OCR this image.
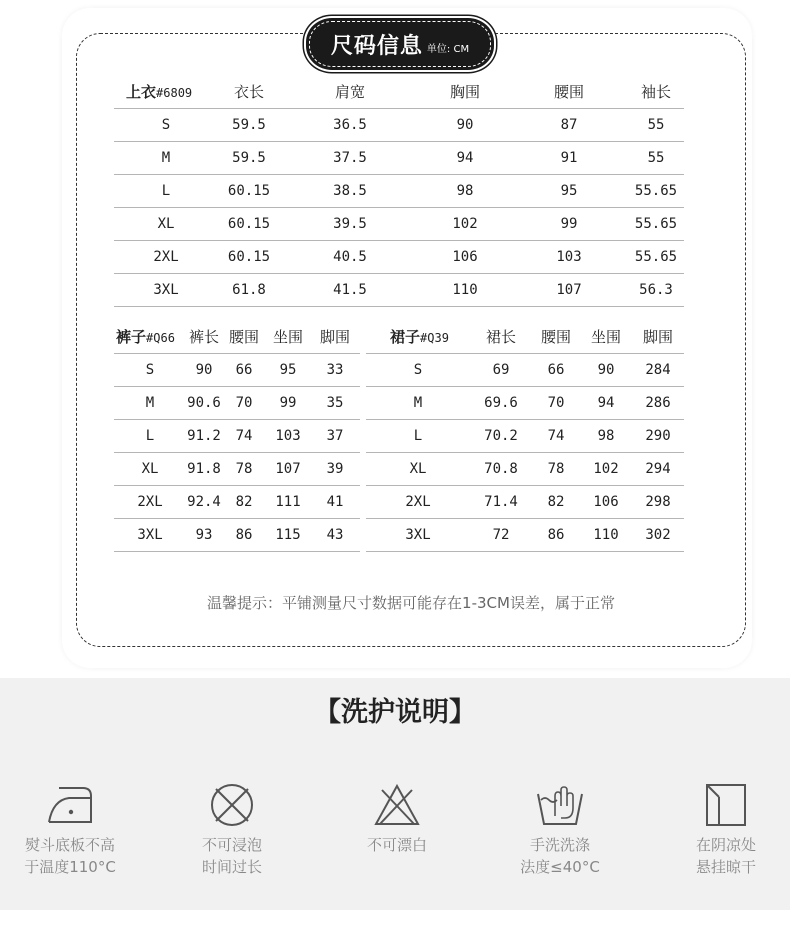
尺码信息 单位: CM
上衣#6809	衣长	肩宽	胸围	腰围	袖长
S	59.5	36.5	90	87	55
M	59.5	37.5	94	91	55
L	60.15	38.5	98	95	55.65
XL	60.15	39.5	102	99	55.65
2XL	60.15	40.5	106	103	55.65
3XL	61.8	41.5	110	107	56.3
裤子#Q66	裤长	腰围	坐围	脚围
S	90	66	95	33
M	90.6	70	99	35
L	91.2	74	103	37
XL	91.8	78	107	39
2XL	92.4	82	111	41
3XL	93	86	115	43
裙子#Q39	裙长	腰围	坐围	脚围
S	69	66	90	284
M	69.6	70	94	286
L	70.2	74	98	290
XL	70.8	78	102	294
2XL	71.4	82	106	298
3XL	72	86	110	302
温馨提示：平铺测量尺寸数据可能存在1-3CM误差，属于正常
【洗护说明】
熨斗底板不高
于温度110°C
不可浸泡
时间过长
不可漂白	手洗洗涤
法度≤40°C
在阴凉处
悬挂晾干
